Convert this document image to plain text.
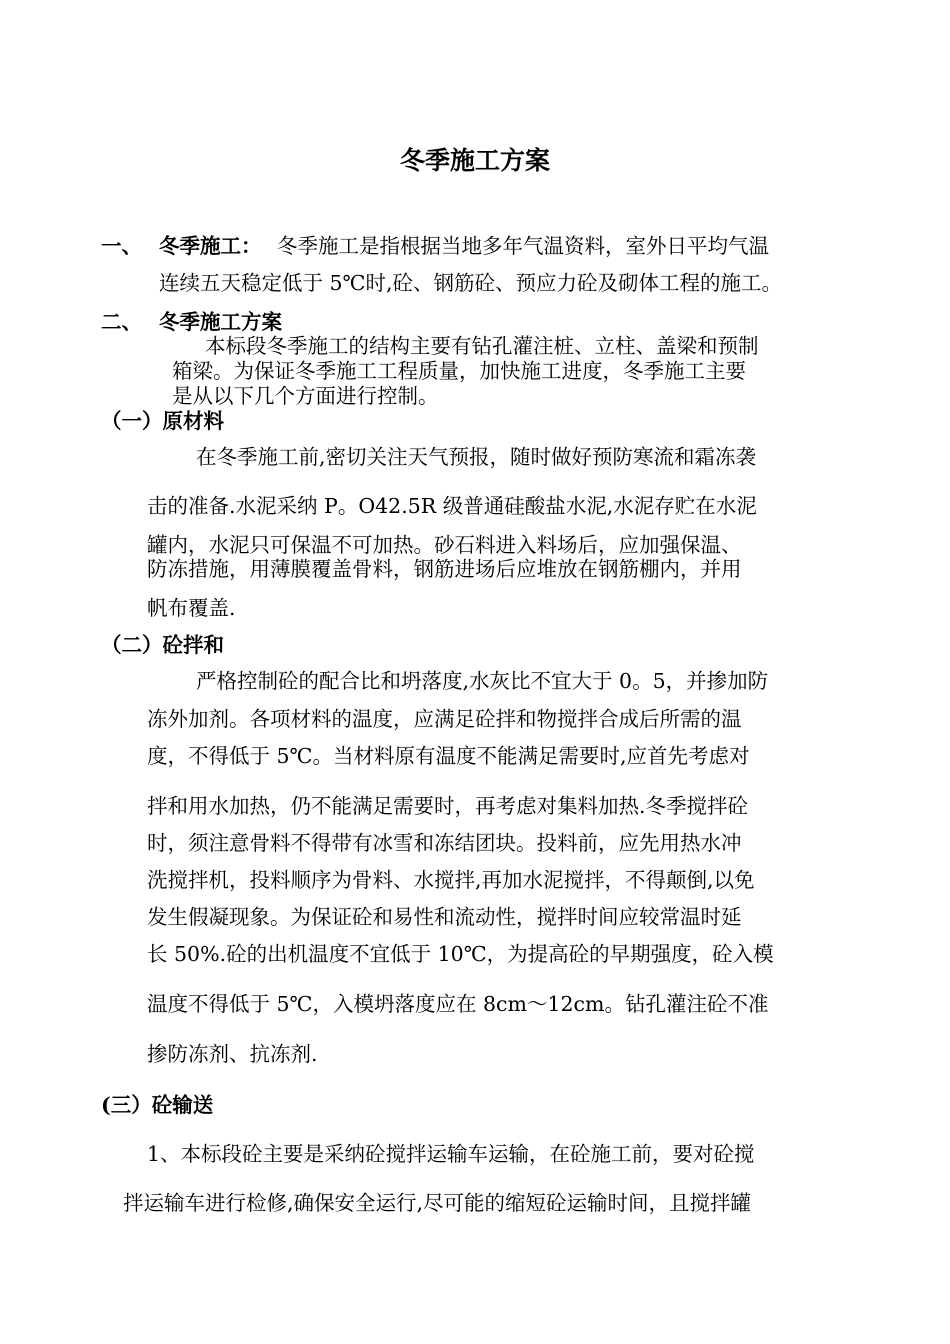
冬季施工方案
一、 冬季施工： 冬季施工是指根据当地多年气温资料，室外日平均气温
连续五天稳定低于 5℃时,砼、钢筋砼、预应力砼及砌体工程的施工。
二、 冬季施工方案
本标段冬季施工的结构主要有钻孔灌注桩、立柱、盖梁和预制
箱梁。为保证冬季施工工程质量，加快施工进度，冬季施工主要
是从以下几个方面进行控制。
（一）原材料
在冬季施工前,密切关注天气预报，随时做好预防寒流和霜冻袭
击的准备.水泥采纳 P。O42.5R 级普通硅酸盐水泥,水泥存贮在水泥
罐内，水泥只可保温不可加热。砂石料进入料场后，应加强保温、
防冻措施，用薄膜覆盖骨料，钢筋进场后应堆放在钢筋棚内，并用
帆布覆盖.
（二）砼拌和
严格控制砼的配合比和坍落度,水灰比不宜大于 0。5，并掺加防
冻外加剂。各项材料的温度，应满足砼拌和物搅拌合成后所需的温
度，不得低于 5℃。当材料原有温度不能满足需要时,应首先考虑对
拌和用水加热，仍不能满足需要时，再考虑对集料加热.冬季搅拌砼
时，须注意骨料不得带有冰雪和冻结团块。投料前，应先用热水冲
洗搅拌机，投料顺序为骨料、水搅拌,再加水泥搅拌，不得颠倒,以免
发生假凝现象。为保证砼和易性和流动性，搅拌时间应较常温时延
长 50%.砼的出机温度不宜低于 10℃，为提高砼的早期强度，砼入模
温度不得低于 5℃，入模坍落度应在 8cm～12cm。钻孔灌注砼不准
掺防冻剂、抗冻剂.
(三）砼输送
1、本标段砼主要是采纳砼搅拌运输车运输，在砼施工前，要对砼搅
拌运输车进行检修,确保安全运行,尽可能的缩短砼运输时间，且搅拌罐
